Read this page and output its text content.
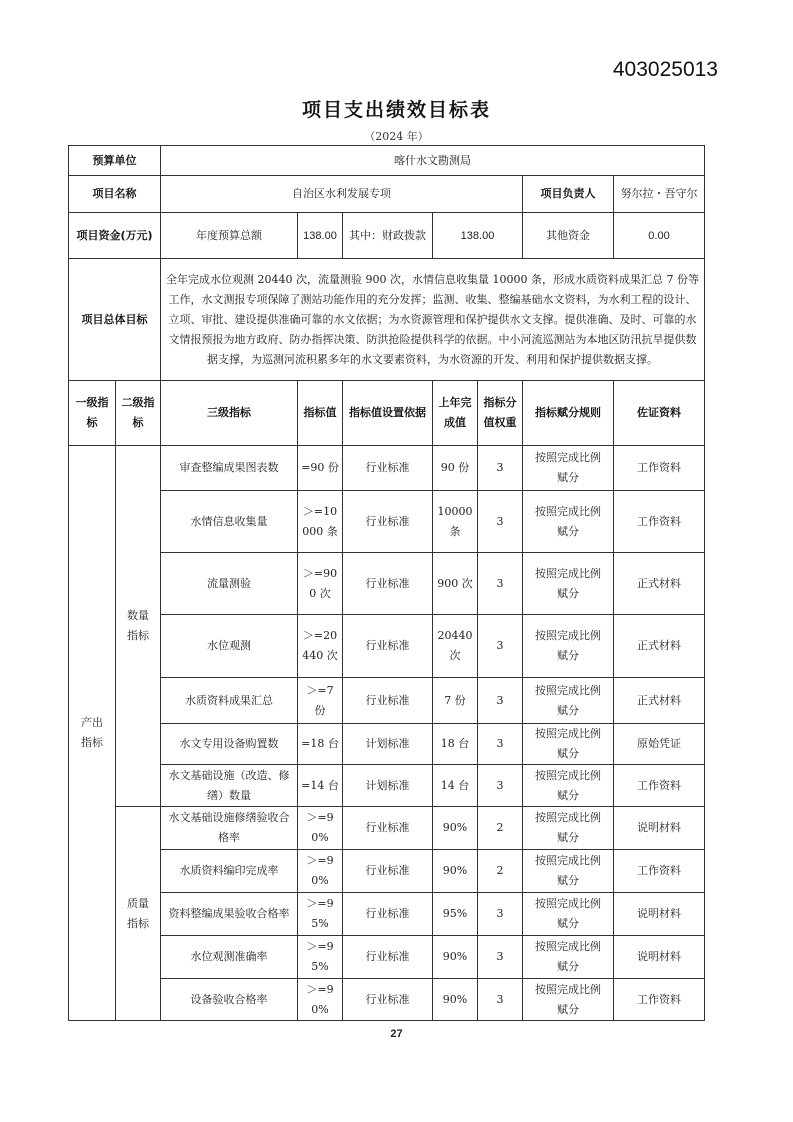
403025013
项目支出绩效目标表
（2024 年）
预算单位		喀什水文勘测局						
项目名称		自治区水利发展专项					项目负责人	努尔拉・吾守尔
项目资金(万元)		年度预算总额	138.00	其中：财政拨款	138.00		其他资金	0.00
项目总体目标		全年完成水位观测 20440 次，流量测验 900 次，水情信息收集量 10000 条，形成水质资料成果汇总 7 份等工作，水文测报专项保障了测站功能作用的充分发挥；监测、收集、整编基础水文资料，为水利工程的设计、立项、审批、建设提供准确可靠的水文依据；为水资源管理和保护提供水文支撑。提供准确、及时、可靠的水文情报预报为地方政府、防办指挥决策、防洪抢险提供科学的依据。中小河流巡测站为本地区防汛抗旱提供数据支撑，为巡测河流积累多年的水文要素资料，为水资源的开发、利用和保护提供数据支撑。						
一级指标	二级指标	三级指标	指标值	指标值设置依据	上年完成值	指标分值权重	指标赋分规则	佐证资料
产出指标	数量指标	审查整编成果图表数	=90 份	行业标准	90 份	3	按照完成比例赋分	工作资料
		水情信息收集量	＞=10000 条	行业标准	10000 条	3	按照完成比例赋分	工作资料
		流量测验	＞=900 次	行业标准	900 次	3	按照完成比例赋分	正式材料
		水位观测	＞=20440 次	行业标准	20440 次	3	按照完成比例赋分	正式材料
		水质资料成果汇总	＞=7 份	行业标准	7 份	3	按照完成比例赋分	正式材料
		水文专用设备购置数	=18 台	计划标准	18 台	3	按照完成比例赋分	原始凭证
		水文基础设施（改造、修缮）数量	=14 台	计划标准	14 台	3	按照完成比例赋分	工作资料
	质量指标	水文基础设施修缮验收合格率	＞=90%	行业标准	90%	2	按照完成比例赋分	说明材料
		水质资料编印完成率	＞=90%	行业标准	90%	2	按照完成比例赋分	工作资料
		资料整编成果验收合格率	＞=95%	行业标准	95%	3	按照完成比例赋分	说明材料
		水位观测准确率	＞=95%	行业标准	90%	3	按照完成比例赋分	说明材料
		设备验收合格率	＞=90%	行业标准	90%	3	按照完成比例赋分	工作资料
27
